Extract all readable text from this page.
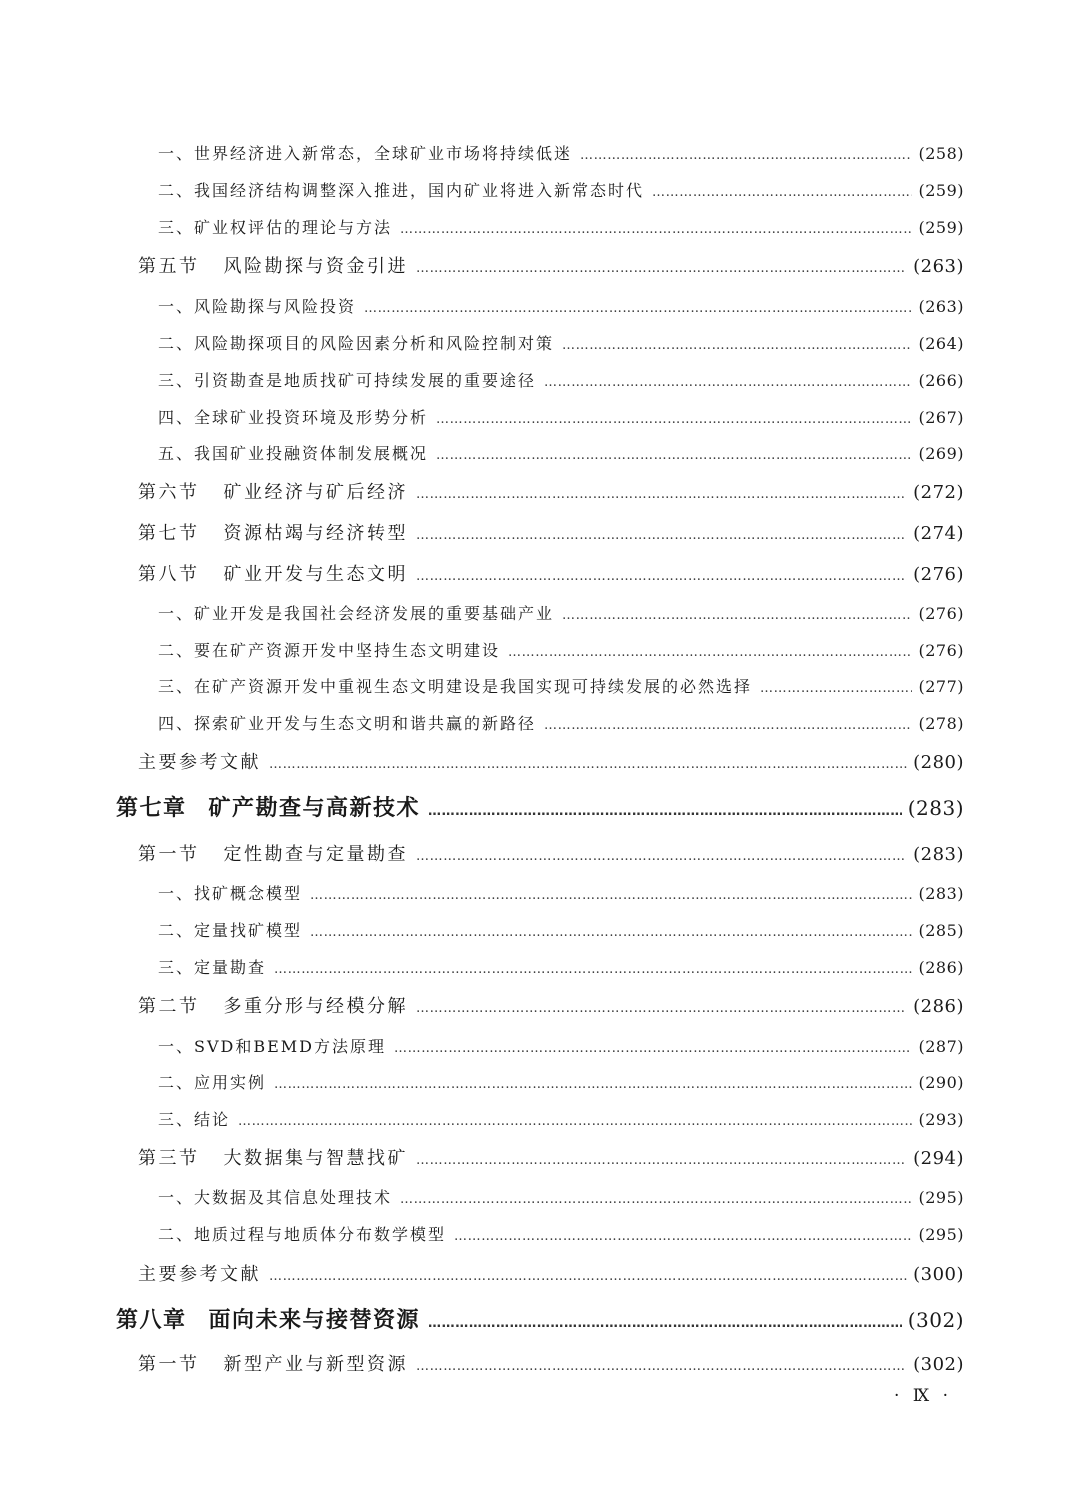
一、世界经济进入新常态，全球矿业市场将持续低迷 …………………………………………………………………………………………………………………………………………………………………………………………………………………………………………………	(258)
二、我国经济结构调整深入推进，国内矿业将进入新常态时代 …………………………………………………………………………………………………………………………………………………………………………………………………………………………………………………	(259)
三、矿业权评估的理论与方法 …………………………………………………………………………………………………………………………………………………………………………………………………………………………………………………	(259)
第五节 风险勘探与资金引进 …………………………………………………………………………………………………………………………………………………………………………………………………………………………………………………	(263)
一、风险勘探与风险投资 …………………………………………………………………………………………………………………………………………………………………………………………………………………………………………………	(263)
二、风险勘探项目的风险因素分析和风险控制对策 …………………………………………………………………………………………………………………………………………………………………………………………………………………………………………………	(264)
三、引资勘查是地质找矿可持续发展的重要途径 …………………………………………………………………………………………………………………………………………………………………………………………………………………………………………………	(266)
四、全球矿业投资环境及形势分析 …………………………………………………………………………………………………………………………………………………………………………………………………………………………………………………	(267)
五、我国矿业投融资体制发展概况 …………………………………………………………………………………………………………………………………………………………………………………………………………………………………………………	(269)
第六节 矿业经济与矿后经济 …………………………………………………………………………………………………………………………………………………………………………………………………………………………………………………	(272)
第七节 资源枯竭与经济转型 …………………………………………………………………………………………………………………………………………………………………………………………………………………………………………………	(274)
第八节 矿业开发与生态文明 …………………………………………………………………………………………………………………………………………………………………………………………………………………………………………………	(276)
一、矿业开发是我国社会经济发展的重要基础产业 …………………………………………………………………………………………………………………………………………………………………………………………………………………………………………………	(276)
二、要在矿产资源开发中坚持生态文明建设 …………………………………………………………………………………………………………………………………………………………………………………………………………………………………………………	(276)
三、在矿产资源开发中重视生态文明建设是我国实现可持续发展的必然选择 …………………………………………………………………………………………………………………………………………………………………………………………………………………………………………………	(277)
四、探索矿业开发与生态文明和谐共赢的新路径 …………………………………………………………………………………………………………………………………………………………………………………………………………………………………………………	(278)
主要参考文献 …………………………………………………………………………………………………………………………………………………………………………………………………………………………………………………	(280)
第七章 矿产勘查与高新技术 …………………………………………………………………………………………………………………………………………………………………………………………………………………………………………………	(283)
第一节 定性勘查与定量勘查 …………………………………………………………………………………………………………………………………………………………………………………………………………………………………………………	(283)
一、找矿概念模型 …………………………………………………………………………………………………………………………………………………………………………………………………………………………………………………	(283)
二、定量找矿模型 …………………………………………………………………………………………………………………………………………………………………………………………………………………………………………………	(285)
三、定量勘查 …………………………………………………………………………………………………………………………………………………………………………………………………………………………………………………	(286)
第二节 多重分形与经模分解 …………………………………………………………………………………………………………………………………………………………………………………………………………………………………………………	(286)
一、SVD和BEMD方法原理 …………………………………………………………………………………………………………………………………………………………………………………………………………………………………………………	(287)
二、应用实例 …………………………………………………………………………………………………………………………………………………………………………………………………………………………………………………	(290)
三、结论 …………………………………………………………………………………………………………………………………………………………………………………………………………………………………………………	(293)
第三节 大数据集与智慧找矿 …………………………………………………………………………………………………………………………………………………………………………………………………………………………………………………	(294)
一、大数据及其信息处理技术 …………………………………………………………………………………………………………………………………………………………………………………………………………………………………………………	(295)
二、地质过程与地质体分布数学模型 …………………………………………………………………………………………………………………………………………………………………………………………………………………………………………………	(295)
主要参考文献 …………………………………………………………………………………………………………………………………………………………………………………………………………………………………………………	(300)
第八章 面向未来与接替资源 …………………………………………………………………………………………………………………………………………………………………………………………………………………………………………………	(302)
第一节 新型产业与新型资源 …………………………………………………………………………………………………………………………………………………………………………………………………………………………………………………	(302)
· Ⅸ ·
